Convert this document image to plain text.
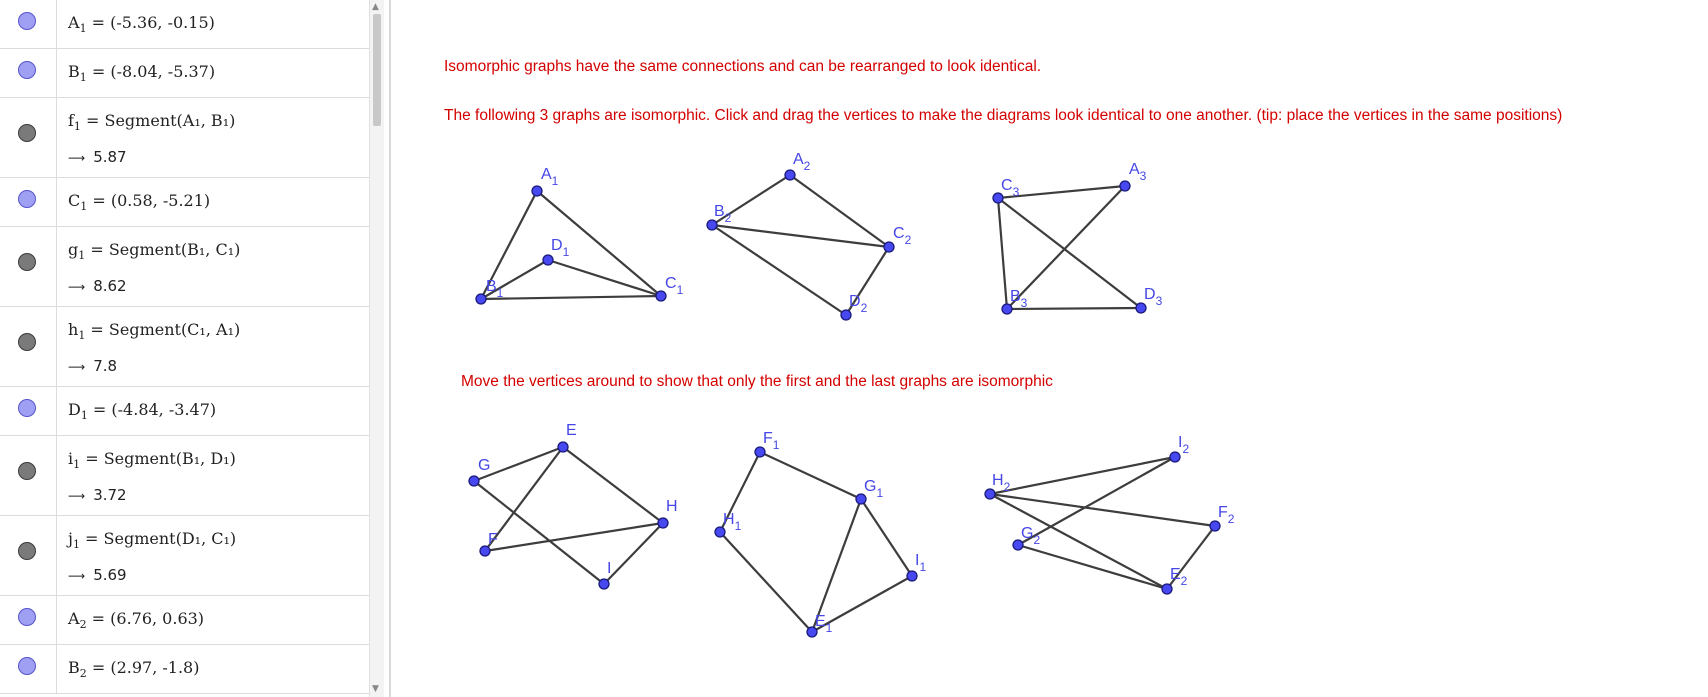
$A_1 = (-5.36$, -0.15)
$B_1 = (-8.04$, -5.37)
$f_1$ = Segment(A₁, B₁)
⟶ 5.87
$C_1 = (0.58$, -5.21)
$g_1$ = Segment(B₁, C₁)
⟶ 8.62
$h_1$ = Segment(C₁, A₁)
⟶ 7.8
$D_1 = (-4.84$, -3.47)
$i_1$ = Segment(B₁, D₁)
⟶ 3.72
$j_1$ = Segment(D₁, C₁)
⟶ 5.69
$A_2 = (6.76$, 0.63)
$B_2 = (2.97$, -1.8)
▲
▼
Isomorphic graphs have the same connections and can be rearranged to look identical.
The following 3 graphs are isomorphic. Click and drag the vertices to make the diagrams look identical to one another. (tip: place the vertices in the same positions)
Move the vertices around to show that only the first and the last graphs are isomorphic
$A_1$
$B_1$
$C_1$
$D_1$
$A_2$
$B_2$
$C_2$
$D_2$
$A_3$
$B_3$
$C_3$
$D_3$
E
G
H
F
I
$F_1$
$G_1$
$H_1$
$I_1$
$E_1$
$I_2$
$H_2$
$F_2$
$G_2$
$E_2$
